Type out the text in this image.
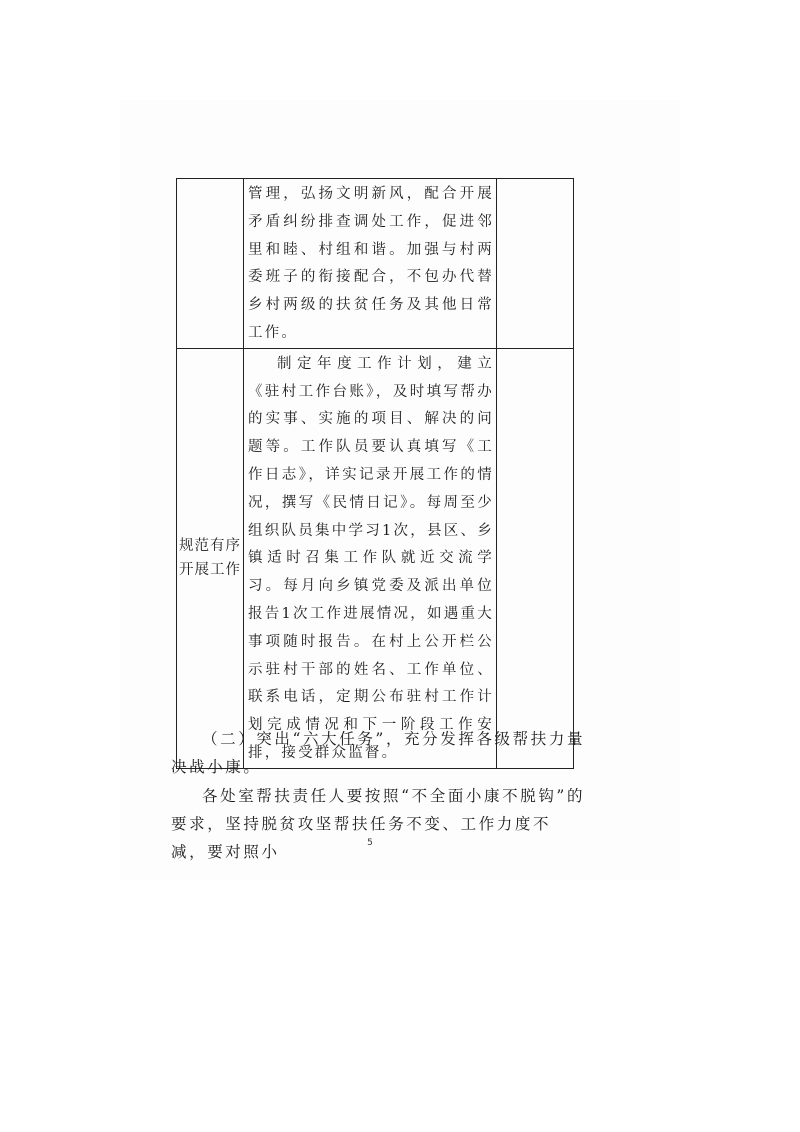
	管理，弘扬文明新风，配合开展矛盾纠纷排查调处工作，促进邻里和睦、村组和谐。加强与村两委班子的衔接配合，不包办代替乡村两级的扶贫任务及其他日常工作。	

规范有序开展工作	制定年度工作计划，建立《驻村工作台账》，及时填写帮办的实事、实施的项目、解决的问题等。工作队员要认真填写《工作日志》，详实记录开展工作的情况，撰写《民情日记》。每周至少组织队员集中学习1次，县区、乡镇适时召集工作队就近交流学习。每月向乡镇党委及派出单位报告1次工作进展情况，如遇重大事项随时报告。在村上公开栏公示驻村干部的姓名、工作单位、联系电话，定期公布驻村工作计划完成情况和下一阶段工作安排，接受群众监督。	

（二）突出“六大任务”，充分发挥各级帮扶力量决战小康。

各处室帮扶责任人要按照“不全面小康不脱钩”的要求，坚持脱贫攻坚帮扶任务不变、工作力度不减，要对照小	5
